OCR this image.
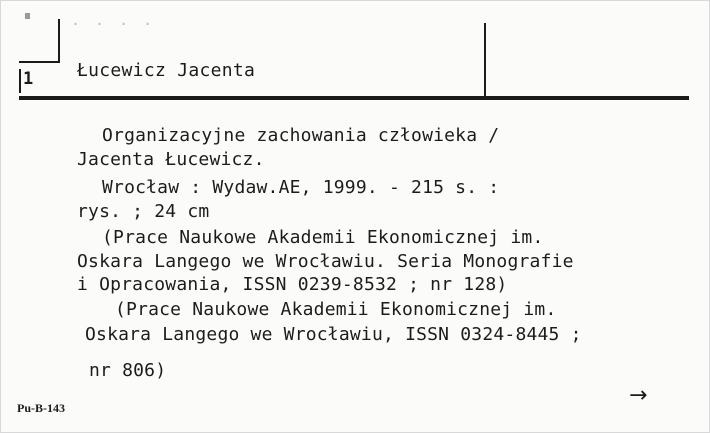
· · · ·
1 Łucewicz Jacenta
Organizacyjne zachowania człowieka /
Jacenta Łucewicz.
Wrocław : Wydaw.AE, 1999. - 215 s. :
rys. ; 24 cm
(Prace Naukowe Akademii Ekonomicznej im.
Oskara Langego we Wrocławiu. Seria Monografie
i Opracowania, ISSN 0239-8532 ; nr 128)
(Prace Naukowe Akademii Ekonomicznej im.
Oskara Langego we Wrocławiu, ISSN 0324-8445 ;
nr 806)
Pu-B-143	→
